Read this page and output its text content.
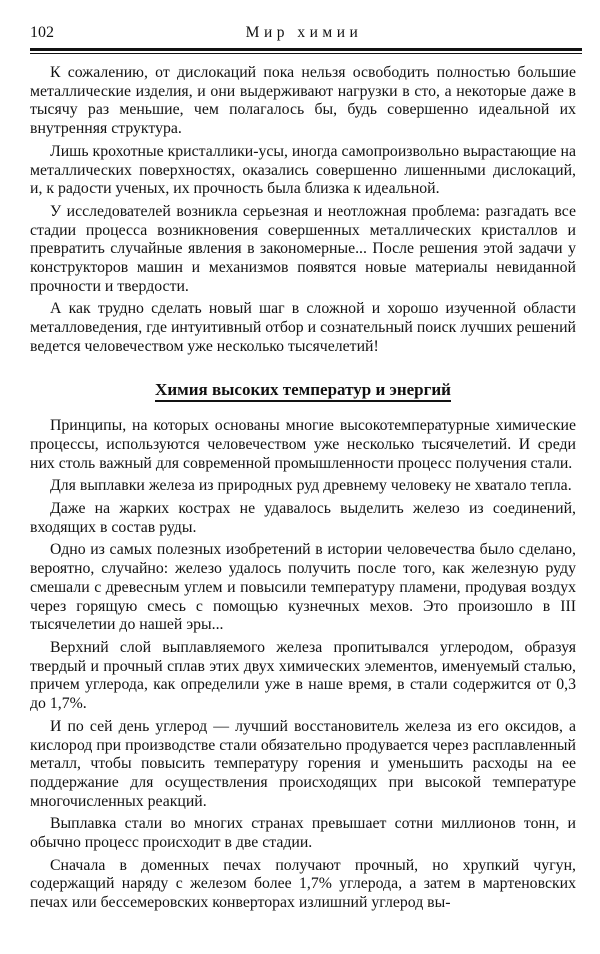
102	Мир химии

К сожалению, от дислокаций пока нельзя освободить полностью большие металлические изделия, и они выдерживают нагрузки в сто, а некоторые даже в тысячу раз меньшие, чем полагалось бы, будь совершенно идеальной их внутренняя структура.

Лишь крохотные кристаллики-усы, иногда самопроизвольно вырастающие на металлических поверхностях, оказались совершенно лишенными дислокаций, и, к радости ученых, их прочность была близка к идеальной.

У исследователей возникла серьезная и неотложная проблема: разгадать все стадии процесса возникновения совершенных металлических кристаллов и превратить случайные явления в закономерные... После решения этой задачи у конструкторов машин и механизмов появятся новые материалы невиданной прочности и твердости.

А как трудно сделать новый шаг в сложной и хорошо изученной области металловедения, где интуитивный отбор и сознательный поиск лучших решений ведется человечеством уже несколько тысячелетий!

Химия высоких температур и энергий

Принципы, на которых основаны многие высокотемпературные химические процессы, используются человечеством уже несколько тысячелетий. И среди них столь важный для современной промышленности процесс получения стали.

Для выплавки железа из природных руд древнему человеку не хватало тепла.

Даже на жарких кострах не удавалось выделить железо из соединений, входящих в состав руды.

Одно из самых полезных изобретений в истории человечества было сделано, вероятно, случайно: железо удалось получить после того, как железную руду смешали с древесным углем и повысили температуру пламени, продувая воздух через горящую смесь с помощью кузнечных мехов. Это произошло в III тысячелетии до нашей эры...

Верхний слой выплавляемого железа пропитывался углеродом, образуя твердый и прочный сплав этих двух химических элементов, именуемый сталью, причем углерода, как определили уже в наше время, в стали содержится от 0,3 до 1,7%.

И по сей день углерод — лучший восстановитель железа из его оксидов, а кислород при производстве стали обязательно продувается через расплавленный металл, чтобы повысить температуру горения и уменьшить расходы на ее поддержание для осуществления происходящих при высокой температуре многочисленных реакций.

Выплавка стали во многих странах превышает сотни миллионов тонн, и обычно процесс происходит в две стадии.

Сначала в доменных печах получают прочный, но хрупкий чугун, содержащий наряду с железом более 1,7% углерода, а затем в мартеновских печах или бессемеровских конверторах излишний углерод вы-
